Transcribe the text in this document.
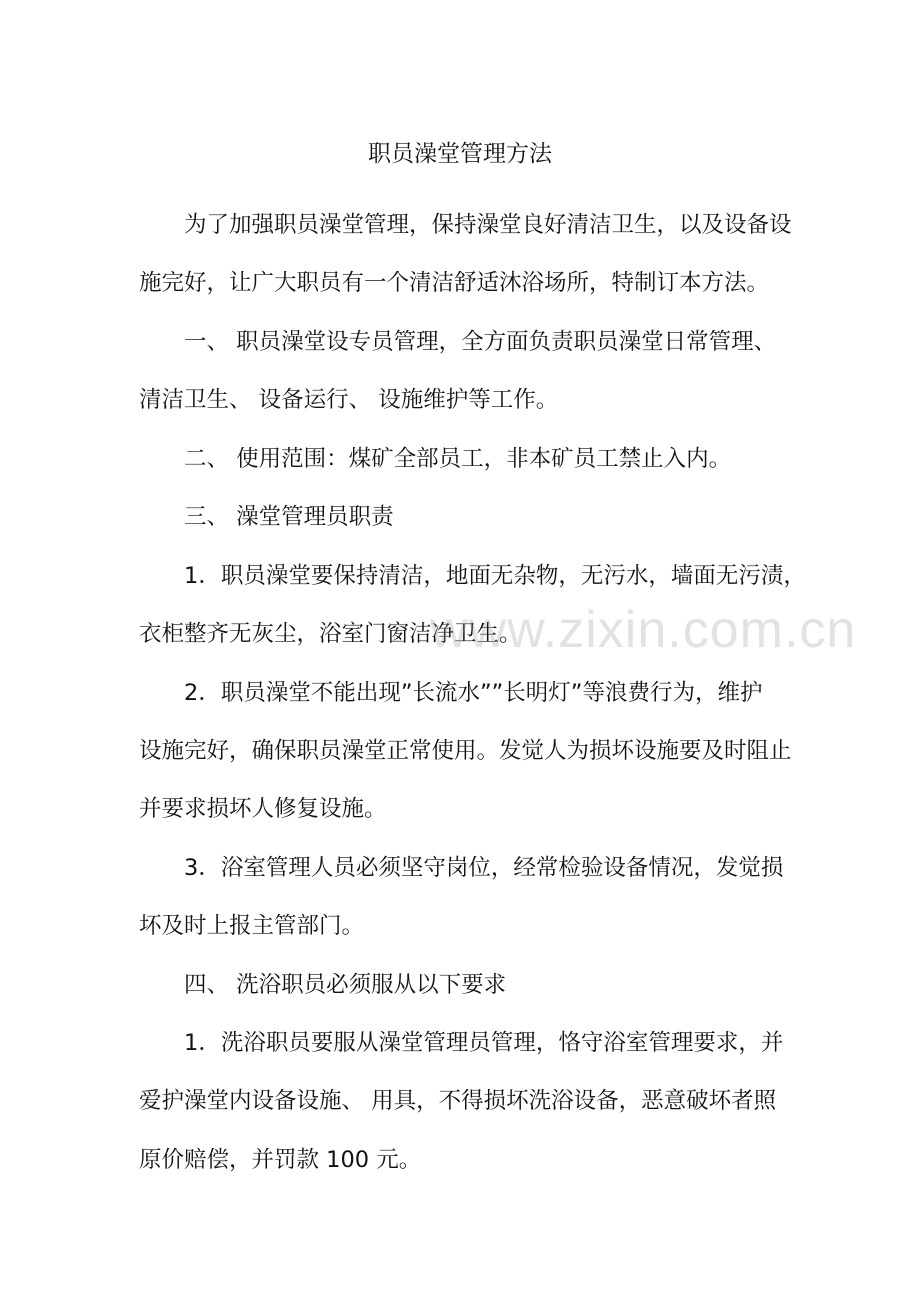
职员澡堂管理方法
为了加强职员澡堂管理，保持澡堂良好清洁卫生，以及设备设
施完好，让广大职员有一个清洁舒适沐浴场所，特制订本方法。
一、 职员澡堂设专员管理，全方面负责职员澡堂日常管理、
清洁卫生、 设备运行、 设施维护等工作。
二、 使用范围：煤矿全部员工，非本矿员工禁止入内。
三、 澡堂管理员职责
1．职员澡堂要保持清洁，地面无杂物，无污水，墙面无污渍，
衣柜整齐无灰尘，浴室门窗洁净卫生。
2．职员澡堂不能出现”长流水””长明灯”等浪费行为，维护
设施完好，确保职员澡堂正常使用。发觉人为损坏设施要及时阻止
并要求损坏人修复设施。
3．浴室管理人员必须坚守岗位，经常检验设备情况，发觉损
坏及时上报主管部门。
四、 洗浴职员必须服从以下要求
1．洗浴职员要服从澡堂管理员管理，恪守浴室管理要求，并
爱护澡堂内设备设施、 用具，不得损坏洗浴设备，恶意破坏者照
原价赔偿，并罚款 100 元。
www.zixin.com.cn
